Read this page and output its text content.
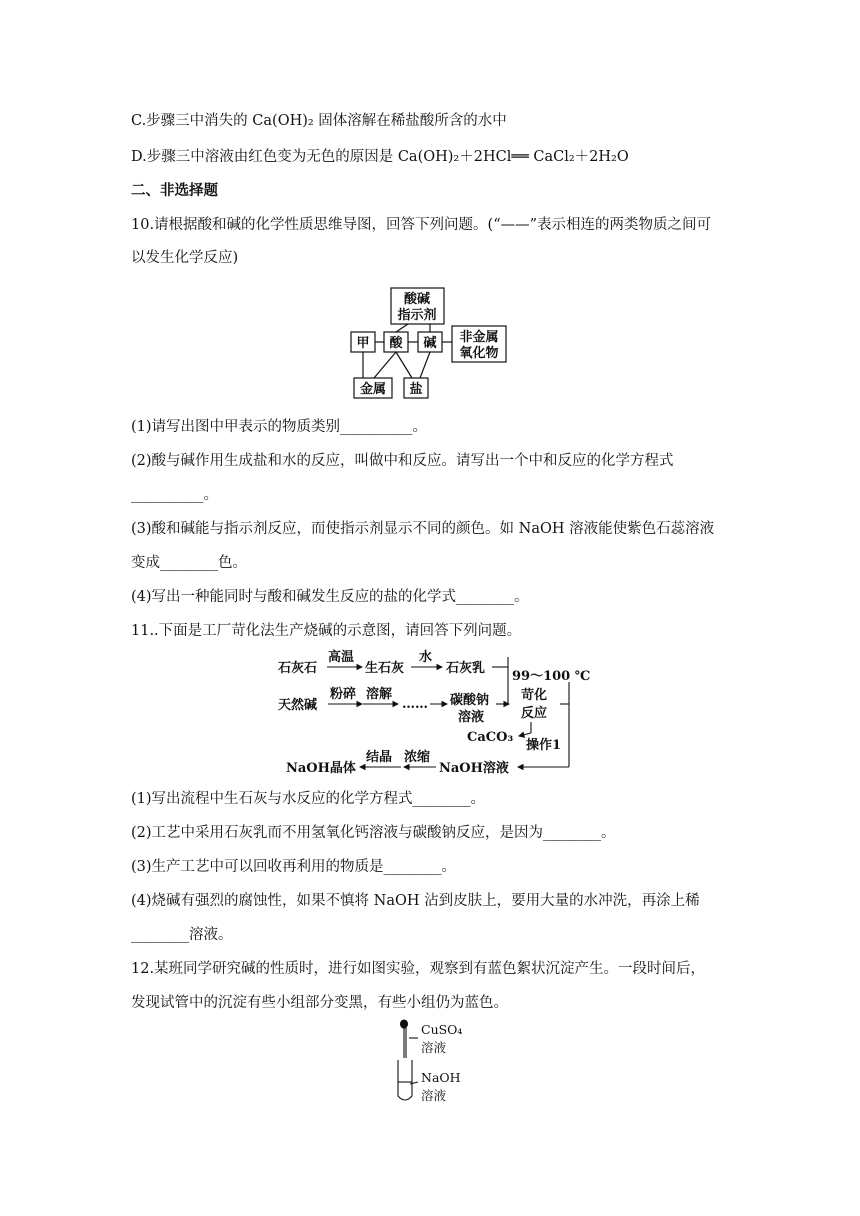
C.步骤三中消失的 Ca(OH)₂ 固体溶解在稀盐酸所含的水中
D.步骤三中溶液由红色变为无色的原因是 Ca(OH)₂＋2HCl══ CaCl₂＋2H₂O
二、非选择题
10.请根据酸和碱的化学性质思维导图，回答下列问题。(“——”表示相连的两类物质之间可
以发生化学反应)
酸碱
指示剂
甲 酸 碱 非金属
氧化物
金属 盐
(1)请写出图中甲表示的物质类别__________。
(2)酸与碱作用生成盐和水的反应，叫做中和反应。请写出一个中和反应的化学方程式
__________。
(3)酸和碱能与指示剂反应，而使指示剂显示不同的颜色。如 NaOH 溶液能使紫色石蕊溶液
变成________色。
(4)写出一种能同时与酸和碱发生反应的盐的化学式________。
11..下面是工厂苛化法生产烧碱的示意图，请回答下列问题。
石灰石
高温
生石灰
水
石灰乳
99～100 ℃
天然碱
粉碎 溶解
…… 碳酸钠
溶液
苛化
反应
CaCO₃
操作1
NaOH晶体
结晶 浓缩
NaOH溶液
(1)写出流程中生石灰与水反应的化学方程式________。
(2)工艺中采用石灰乳而不用氢氧化钙溶液与碳酸钠反应，是因为________。
(3)生产工艺中可以回收再利用的物质是________。
(4)烧碱有强烈的腐蚀性，如果不慎将 NaOH 沾到皮肤上，要用大量的水冲洗，再涂上稀
________溶液。
12.某班同学研究碱的性质时，进行如图实验，观察到有蓝色絮状沉淀产生。一段时间后，
发现试管中的沉淀有些小组部分变黑，有些小组仍为蓝色。
CuSO₄
溶液
NaOH
溶液
